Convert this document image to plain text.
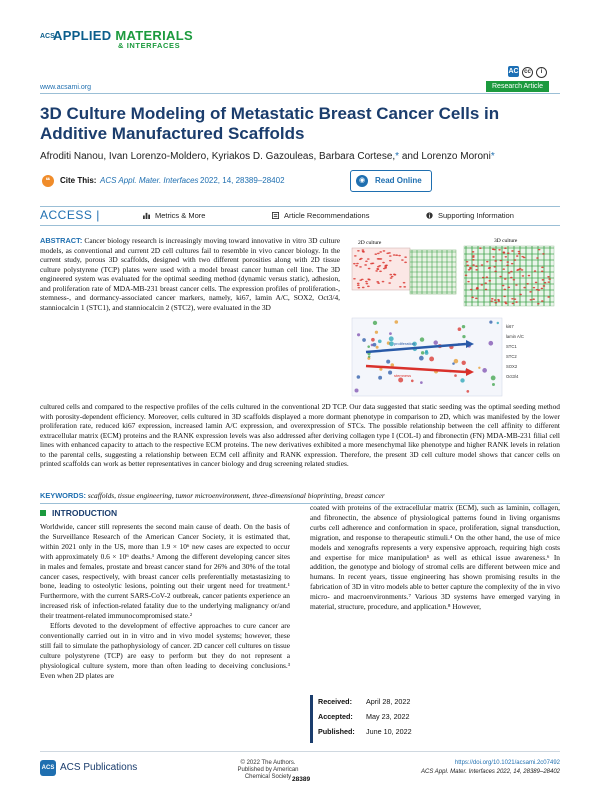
ACS
APPLIED MATERIALS
& INTERFACES
AC cc i
www.acsami.org	Research Article
3D Culture Modeling of Metastatic Breast Cancer Cells in Additive Manufactured Scaffolds
Afroditi Nanou, Ivan Lorenzo-Moldero, Kyriakos D. Gazouleas, Barbara Cortese,* and Lorenzo Moroni*
❝	Cite This: ACS Appl. Mater. Interfaces 2022, 14, 28389–28402	◉	Read Online
ACCESS |	Metrics & More	Article Recommendations	Supporting Information
ABSTRACT: Cancer biology research is increasingly moving toward innovative in vitro 3D culture models, as conventional and current 2D cell cultures fail to resemble in vivo cancer biology. In the current study, porous 3D scaffolds, designed with two different porosities along with 2D tissue culture polystyrene (TCP) plates were used with a model breast cancer human cell line. The 3D engineered system was evaluated for the optimal seeding method (dynamic versus static), adhesion, and proliferation rate of MDA-MB-231 breast cancer cells. The expression profiles of proliferation-, stemness-, and dormancy-associated cancer markers, namely, ki67, lamin A/C, SOX2, Oct3/4, stanniocalcin 1 (STC1), and stanniocalcin 2 (STC2), were evaluated in the 3D
2D culture	3D culture
proliferation
stemness
ki67
lamin A/C
STC1
STC2
SOX2
Oct3/4
cultured cells and compared to the respective profiles of the cells cultured in the conventional 2D TCP. Our data suggested that static seeding was the optimal seeding method with porosity-dependent efficiency. Moreover, cells cultured in 3D scaffolds displayed a more dormant phenotype in comparison to 2D, which was manifested by the lower proliferation rate, reduced ki67 expression, increased lamin A/C expression, and overexpression of STCs. The possible relationship between the cell affinity to different extracellular matrix (ECM) proteins and the RANK expression levels was also addressed after deriving collagen type I (COL-I) and fibronectin (FN) MDA-MB-231 filial cell lines with enhanced capacity to attach to the respective ECM proteins. The new derivatives exhibited a more mesenchymal like phenotype and higher RANK levels in relation to the parental cells, suggesting a relationship between ECM cell affinity and RANK expression. Therefore, the present 3D cell culture model shows that cancer cells on printed scaffolds can work as better representatives in cancer biology and drug screening related studies.
KEYWORDS: scaffolds, tissue engineering, tumor microenvironment, three-dimensional bioprinting, breast cancer
INTRODUCTION
Worldwide, cancer still represents the second main cause of death. On the basis of the Surveillance Research of the American Cancer Society, it is estimated that, within 2021 only in the US, more than 1.9 × 10⁶ new cases are expected to occur with approximately 0.6 × 10⁶ deaths.¹ Among the different developing cancer sites in males and females, prostate and breast cancer stand for 26% and 30% of the total cancer cases, respectively, with breast cancer cells preferentially metastasizing to bone, leading to osteolytic lesions, pointing out their urgent need for treatment.¹ Furthermore, with the current SARS-CoV-2 outbreak, cancer patients experience an increased risk of infection-related fatality due to the underlying malignancy or/and their treatment-related immunocompromised state.²
Efforts devoted to the development of effective approaches to cure cancer are conventionally carried out in in vitro and in vivo model systems; however, these still fail to simulate the pathophysiology of cancer. 2D cancer cell cultures on tissue culture polystyrene (TCP) are easy to perform but they do not represent a physiological culture system, more than often leading to deceiving conclusions.³ Even when 2D plates are
coated with proteins of the extracellular matrix (ECM), such as laminin, collagen, and fibronectin, the absence of physiological patterns found in living organisms curbs cell adherence and conformation in space, proliferation, signal transduction, migration, and response to therapeutic stimuli.⁴ On the other hand, the use of mice models and xenografts represents a very expensive approach, requiring high costs and expertise for mice manipulation⁵ as well as ethical issue awareness.⁶ In addition, the genotype and biology of stromal cells are different between mice and humans. In recent years, tissue engineering has shown promising results in the fabrication of 3D in vitro models able to better capture the complexity of the in vivo micro- and macroenvironments.⁷ Various 3D systems have emerged varying in material, structure, procedure, and application.⁸ However,
Received: April 28, 2022
Accepted: May 23, 2022
Published: June 10, 2022
ACS ACS Publications	© 2022 The Authors. Published by American Chemical Society 28389
https://doi.org/10.1021/acsami.2c07492
ACS Appl. Mater. Interfaces 2022, 14, 28389–28402
